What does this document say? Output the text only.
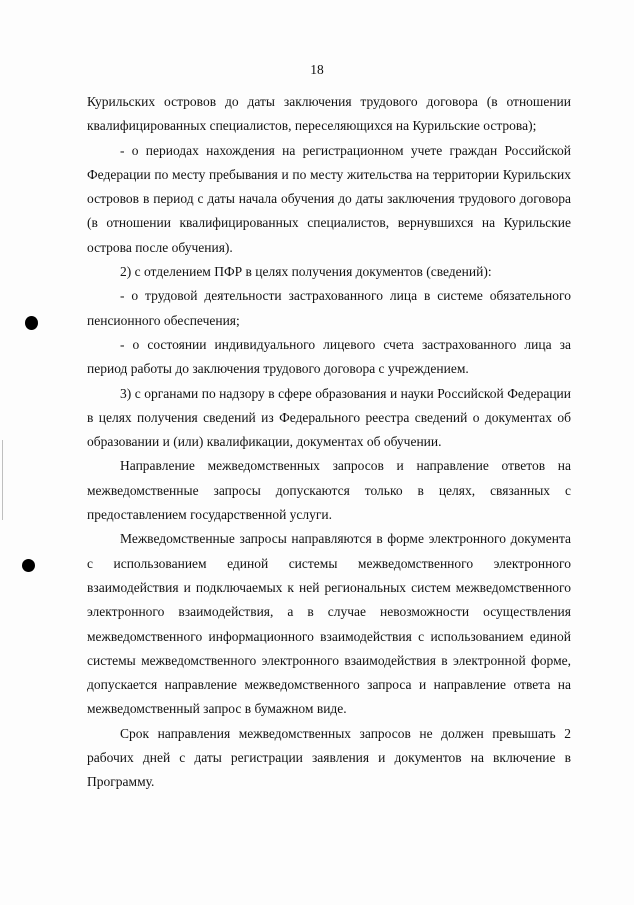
18

Курильских островов до даты заключения трудового договора (в отношении квалифицированных специалистов, переселяющихся на Курильские острова);

- о периодах нахождения на регистрационном учете граждан Российской Федерации по месту пребывания и по месту жительства на территории Курильских островов в период с даты начала обучения до даты заключения трудового договора (в отношении квалифицированных специалистов, вернувшихся на Курильские острова после обучения).

2) с отделением ПФР в целях получения документов (сведений):

- о трудовой деятельности застрахованного лица в системе обязательного пенсионного обеспечения;

- о состоянии индивидуального лицевого счета застрахованного лица за период работы до заключения трудового договора с учреждением.

3) с органами по надзору в сфере образования и науки Российской Федерации в целях получения сведений из Федерального реестра сведений о документах об образовании и (или) квалификации, документах об обучении.

Направление межведомственных запросов и направление ответов на межведомственные запросы допускаются только в целях, связанных с предоставлением государственной услуги.

Межведомственные запросы направляются в форме электронного документа с использованием единой системы межведомственного электронного взаимодействия и подключаемых к ней региональных систем межведомственного электронного взаимодействия, а в случае невозможности осуществления межведомственного информационного взаимодействия с использованием единой системы межведомственного электронного взаимодействия в электронной форме, допускается направление межведомственного запроса и направление ответа на межведомственный запрос в бумажном виде.

Срок направления межведомственных запросов не должен превышать 2 рабочих дней с даты регистрации заявления и документов на включение в Программу.
